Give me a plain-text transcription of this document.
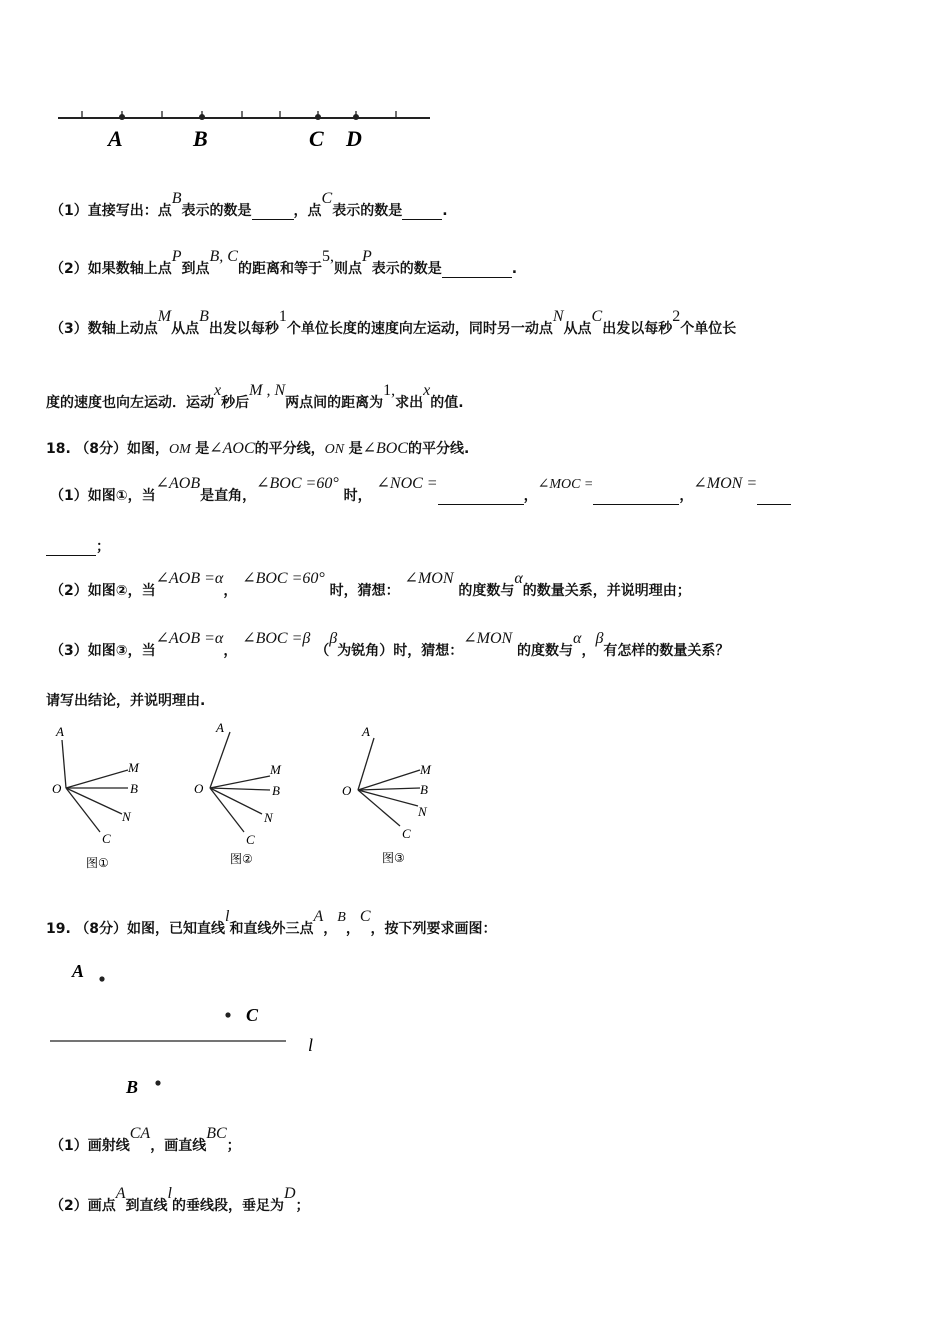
A	B	C D
（1）直接写出：点B表示的数是	，点C表示的数是	.
（2）如果数轴上点P到点B, C的距离和等于5,则点P表示的数是	.
（3）数轴上动点M从点B出发以每秒1个单位长度的速度向左运动，同时另一动点N从点C出发以每秒2个单位长
度的速度也向左运动．运动x秒后M , N两点间的距离为1,求出x的值.
18. （8分）如图，OM 是∠AOC的平分线，ON 是∠BOC的平分线.
（1）如图①，当∠AOB是直角，∠BOC =60° 时， ∠NOC =，∠MOC =，∠MON =
；
（2）如图②，当∠AOB =α， ∠BOC =60° 时，猜想： ∠MON 的度数与α的数量关系，并说明理由；
（3）如图③，当∠AOB =α， ∠BOC =β （β为锐角）时，猜想：∠MON 的度数与α，β有怎样的数量关系？
请写出结论，并说明理由.
A
M
O	B
N
C
图①
A
M
O	B
N
C
图②
A
M
O	B
N
C
图③
19. （8分）如图，已知直线l和直线外三点A，B，C，按下列要求画图：
A
C
l
B
（1）画射线CA，画直线BC；
（2）画点A到直线l的垂线段，垂足为D；
